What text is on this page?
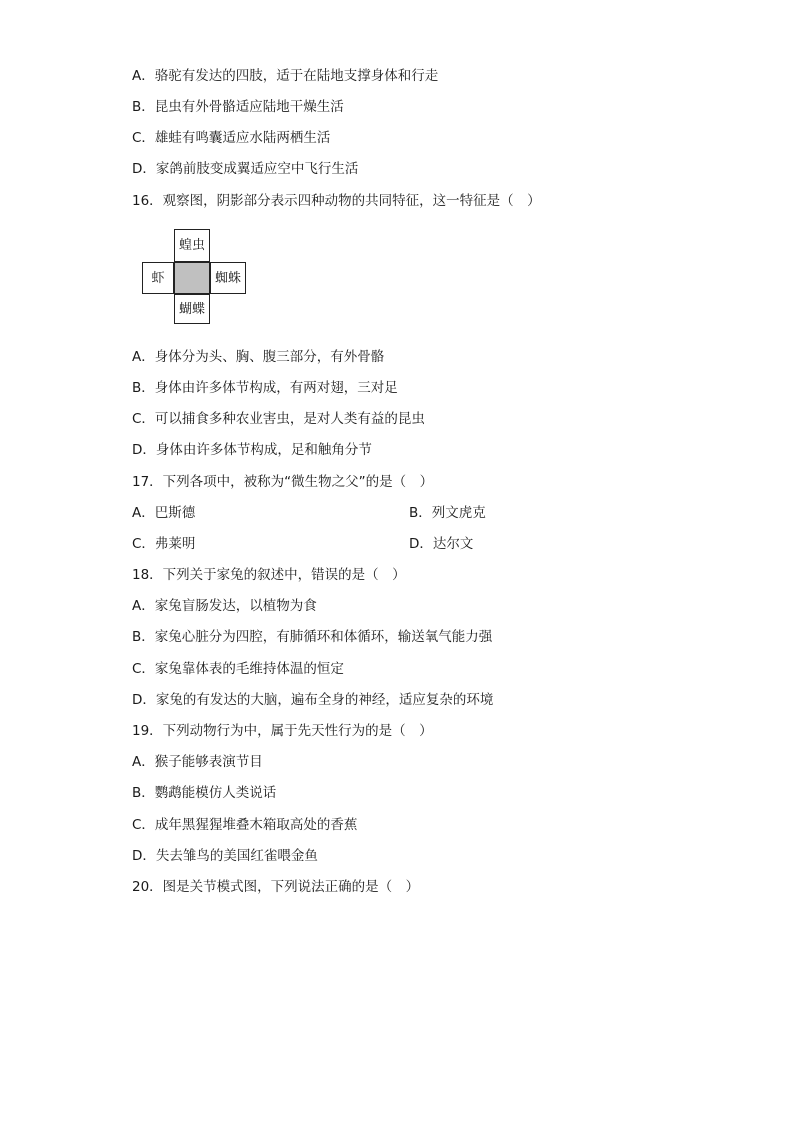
A．骆驼有发达的四肢，适于在陆地支撑身体和行走
B．昆虫有外骨骼适应陆地干燥生活
C．雄蛙有鸣囊适应水陆两栖生活
D．家鸽前肢变成翼适应空中飞行生活
16．观察图，阴影部分表示四种动物的共同特征，这一特征是（　）
蝗虫
虾	蜘蛛
蝴蝶
A．身体分为头、胸、腹三部分，有外骨骼
B．身体由许多体节构成，有两对翅，三对足
C．可以捕食多种农业害虫，是对人类有益的昆虫
D．身体由许多体节构成，足和触角分节
17．下列各项中，被称为“微生物之父”的是（　）
A．巴斯德	B．列文虎克
C．弗莱明	D．达尔文
18．下列关于家兔的叙述中，错误的是（　）
A．家兔盲肠发达，以植物为食
B．家兔心脏分为四腔，有肺循环和体循环，输送氧气能力强
C．家兔靠体表的毛维持体温的恒定
D．家兔的有发达的大脑，遍布全身的神经，适应复杂的环境
19．下列动物行为中，属于先天性行为的是（　）
A．猴子能够表演节目
B．鹦鹉能模仿人类说话
C．成年黑猩猩堆叠木箱取高处的香蕉
D．失去雏鸟的美国红雀喂金鱼
20．图是关节模式图，下列说法正确的是（　）
